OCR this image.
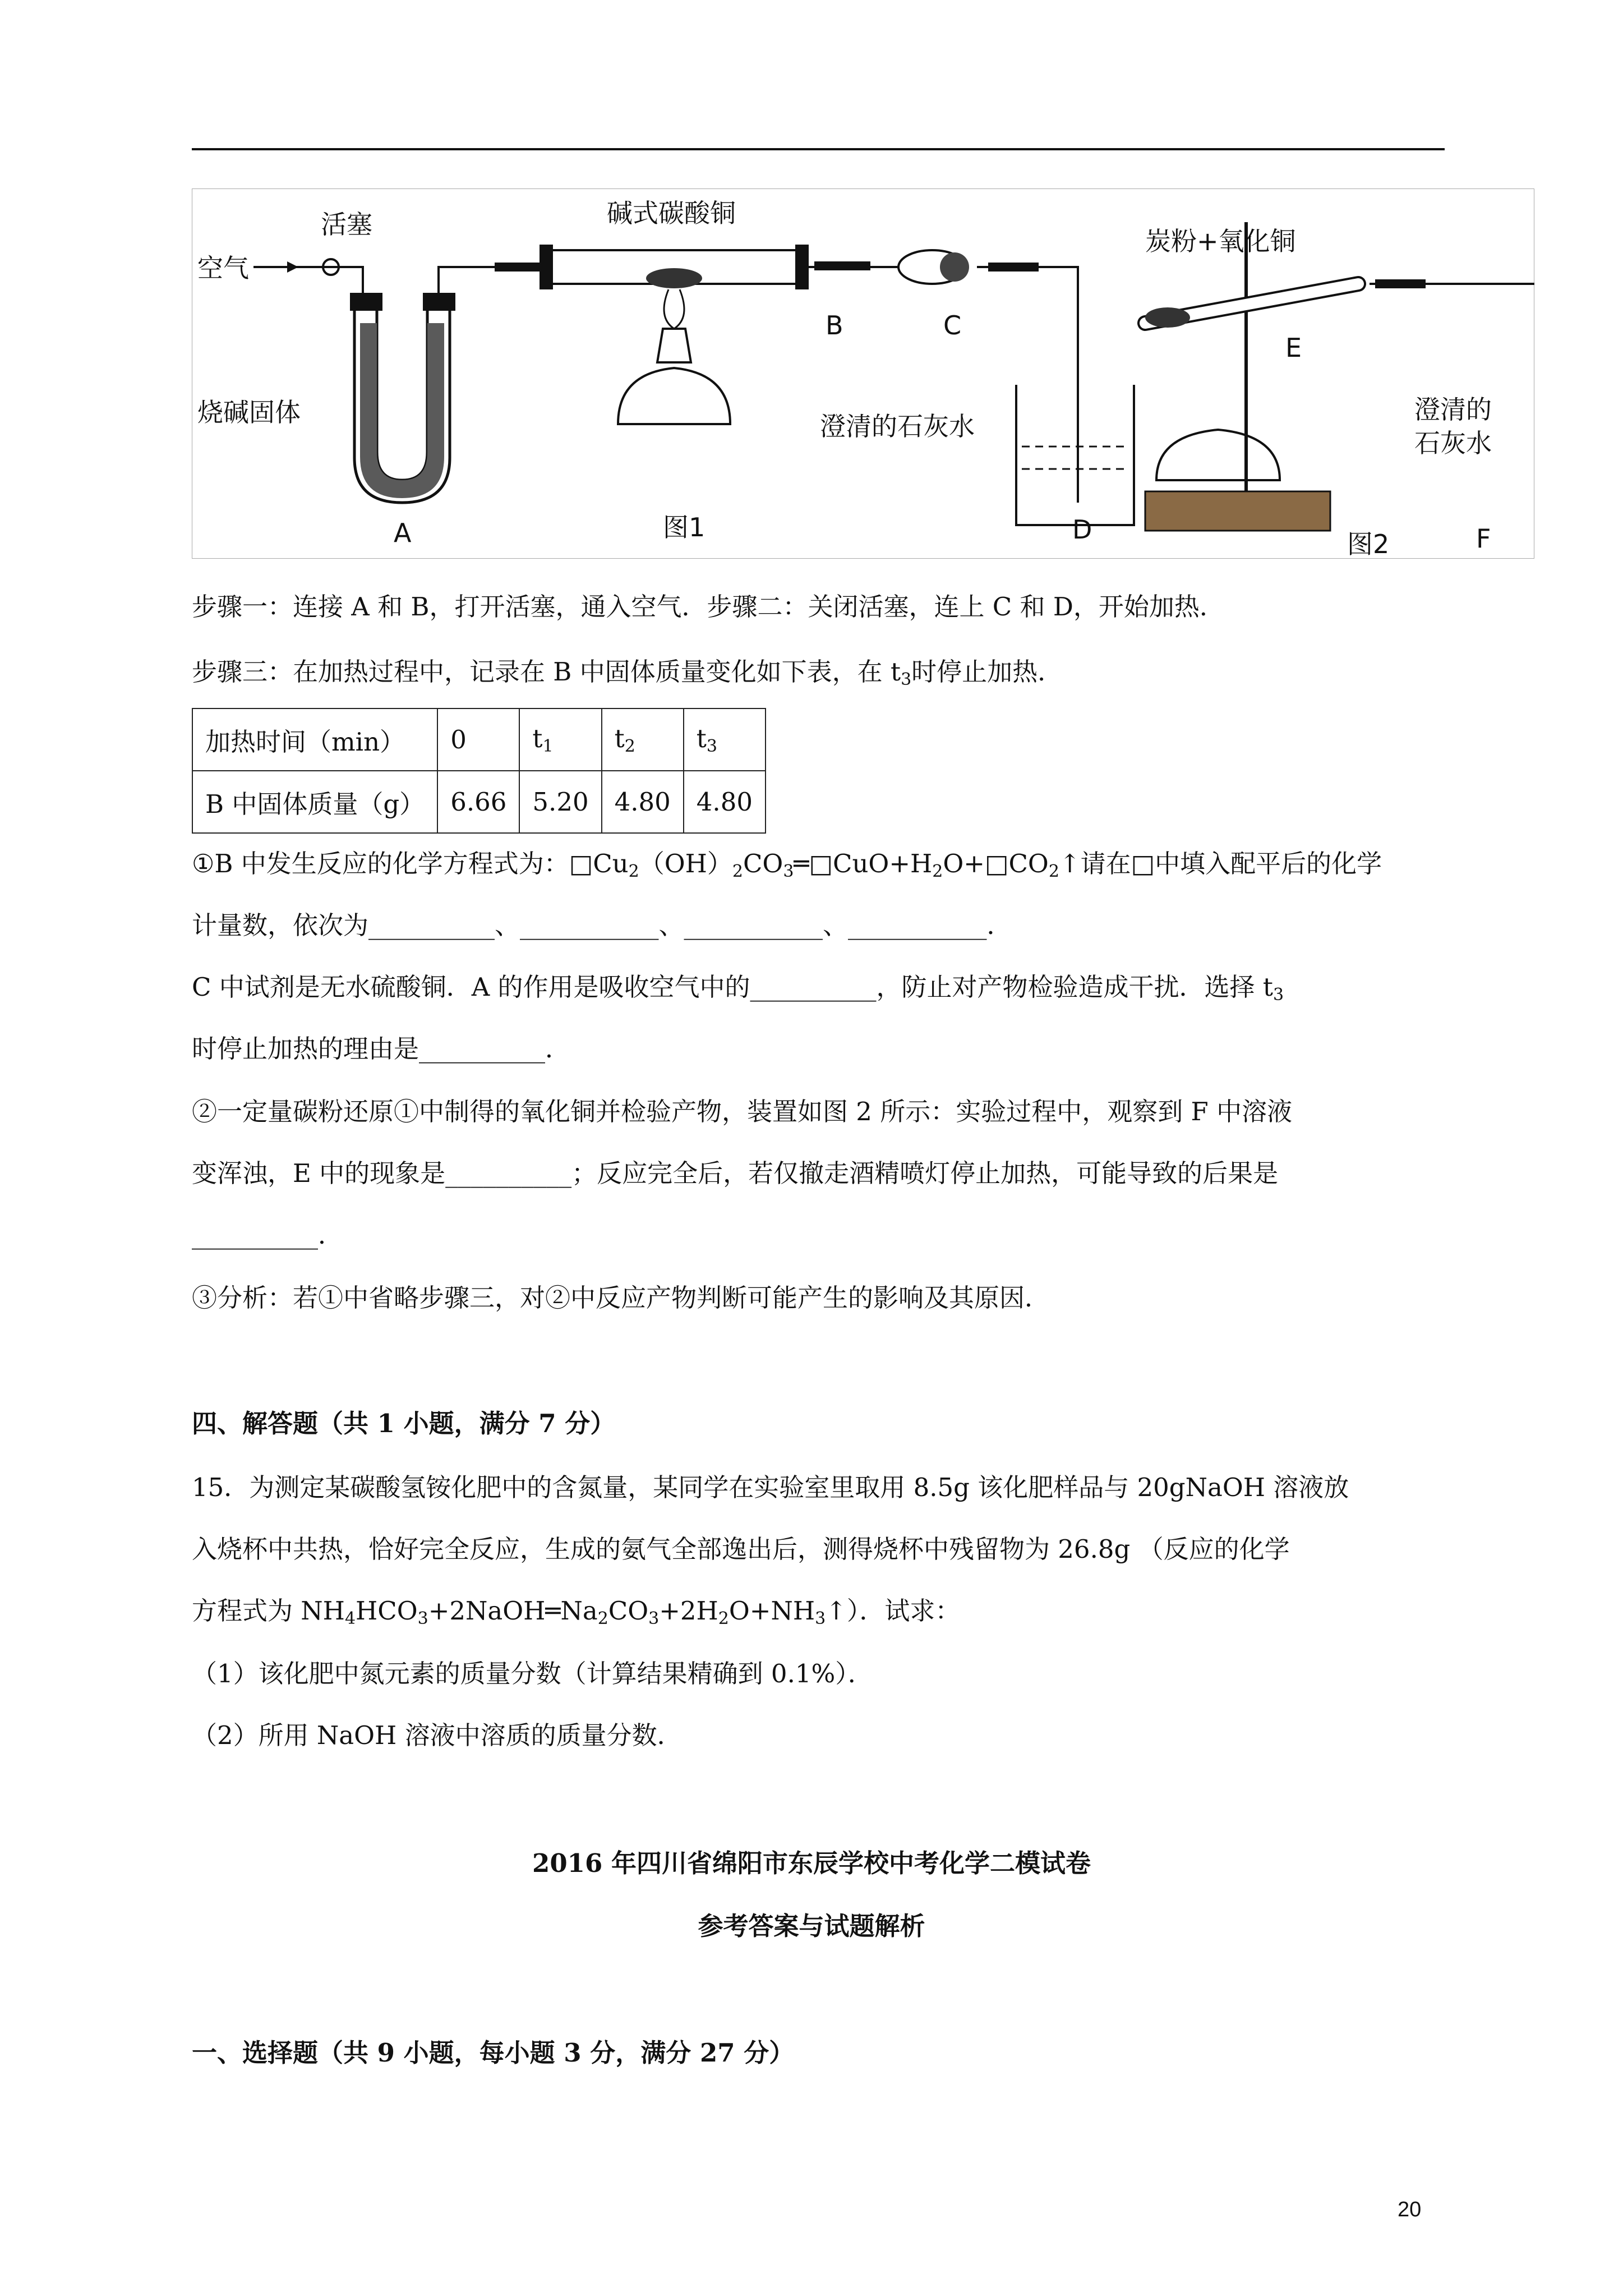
空气
活塞
烧碱固体
碱式碳酸铜
B	C
澄清的石灰水
D
A	图1
炭粉+氧化铜
E
澄清的
石灰水
F
图2
步骤一：连接 A 和 B，打开活塞，通入空气．步骤二：关闭活塞，连上 C 和 D，开始加热．
步骤三：在加热过程中，记录在 B 中固体质量变化如下表，在 $t_3$时停止加热．
加热时间（min）	0	$t_1$	$t_2$	$t_3$
B 中固体质量（g）	6.66	5.20	4.80	4.80
①B 中发生反应的化学方程式为：$□Cu_2(OH)_2CO_3═□CuO+H_2O+□CO_2↑$请在□中填入配平后的化学
计量数，依次为__________、___________、___________、___________．
C 中试剂是无水硫酸铜．A 的作用是吸收空气中的__________，防止对产物检验造成干扰．选择 $t_3$
时停止加热的理由是__________．
②一定量碳粉还原①中制得的氧化铜并检验产物，装置如图 2 所示：实验过程中，观察到 F 中溶液
变浑浊，E 中的现象是__________；反应完全后，若仅撤走酒精喷灯停止加热，可能导致的后果是
__________．
③分析：若①中省略步骤三，对②中反应产物判断可能产生的影响及其原因．
四、解答题（共 1 小题，满分 7 分）
15．为测定某碳酸氢铵化肥中的含氮量，某同学在实验室里取用 8.5g 该化肥样品与 20gNaOH 溶液放
入烧杯中共热，恰好完全反应，生成的氨气全部逸出后，测得烧杯中残留物为 26.8g （反应的化学
方程式为 $NH_4HCO_3+2NaOH═Na_2CO_3+2H_2O+NH_3↑$）．试求：
（1）该化肥中氮元素的质量分数（计算结果精确到 0.1%）．
（2）所用 NaOH 溶液中溶质的质量分数．
2016 年四川省绵阳市东辰学校中考化学二模试卷
参考答案与试题解析
一、选择题（共 9 小题，每小题 3 分，满分 27 分）
20
